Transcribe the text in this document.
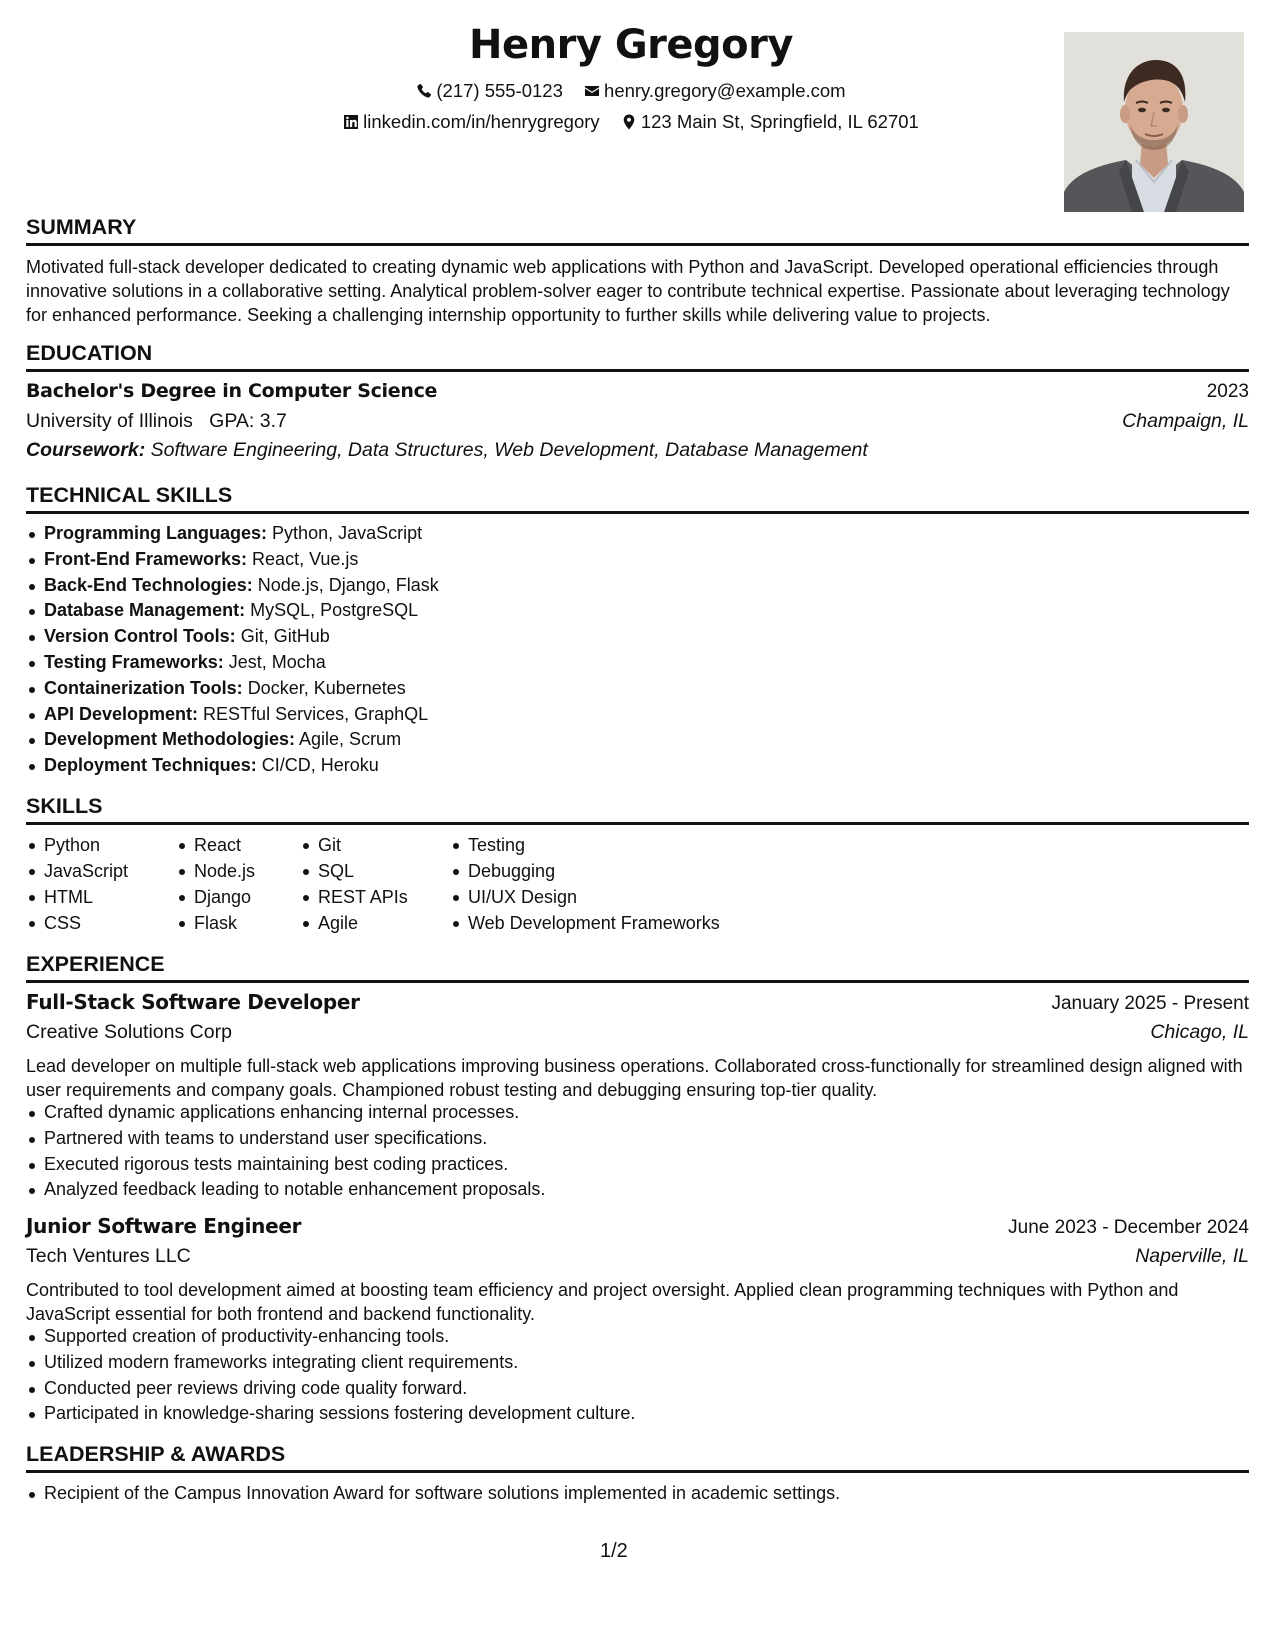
Henry Gregory
(217) 555-0123 henry.gregory@example.com
linkedin.com/in/henrygregory 123 Main St, Springfield, IL 62701
SUMMARY
Motivated full-stack developer dedicated to creating dynamic web applications with Python and JavaScript. Developed operational efficiencies through innovative solutions in a collaborative setting. Analytical problem-solver eager to contribute technical expertise. Passionate about leveraging technology for enhanced performance. Seeking a challenging internship opportunity to further skills while delivering value to projects.
EDUCATION
Bachelor's Degree in Computer Science	2023
University of Illinois GPA: 3.7	Champaign, IL
Coursework: Software Engineering, Data Structures, Web Development, Database Management
TECHNICAL SKILLS
Programming Languages: Python, JavaScript
Front-End Frameworks: React, Vue.js
Back-End Technologies: Node.js, Django, Flask
Database Management: MySQL, PostgreSQL
Version Control Tools: Git, GitHub
Testing Frameworks: Jest, Mocha
Containerization Tools: Docker, Kubernetes
API Development: RESTful Services, GraphQL
Development Methodologies: Agile, Scrum
Deployment Techniques: CI/CD, Heroku
SKILLS
Python
JavaScript
HTML
CSS
React
Node.js
Django
Flask
Git
SQL
REST APIs
Agile
Testing
Debugging
UI/UX Design
Web Development Frameworks
EXPERIENCE
Full-Stack Software Developer	January 2025 - Present
Creative Solutions Corp	Chicago, IL
Lead developer on multiple full-stack web applications improving business operations. Collaborated cross-functionally for streamlined design aligned with user requirements and company goals. Championed robust testing and debugging ensuring top-tier quality.
Crafted dynamic applications enhancing internal processes.
Partnered with teams to understand user specifications.
Executed rigorous tests maintaining best coding practices.
Analyzed feedback leading to notable enhancement proposals.
Junior Software Engineer	June 2023 - December 2024
Tech Ventures LLC	Naperville, IL
Contributed to tool development aimed at boosting team efficiency and project oversight. Applied clean programming techniques with Python and JavaScript essential for both frontend and backend functionality.
Supported creation of productivity-enhancing tools.
Utilized modern frameworks integrating client requirements.
Conducted peer reviews driving code quality forward.
Participated in knowledge-sharing sessions fostering development culture.
LEADERSHIP & AWARDS
Recipient of the Campus Innovation Award for software solutions implemented in academic settings.
1/2
